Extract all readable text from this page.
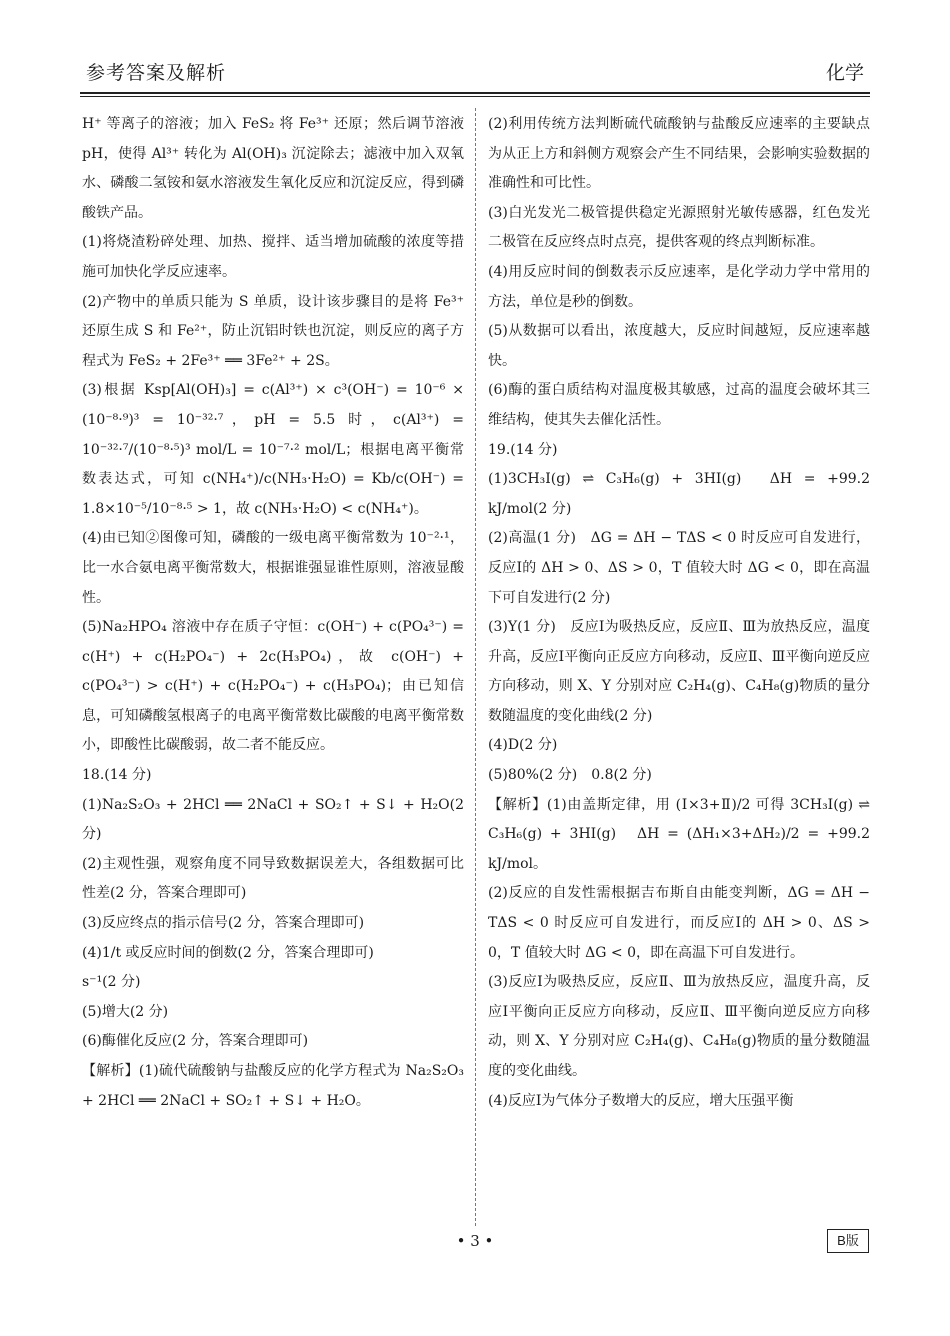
参考答案及解析	化学

H⁺ 等离子的溶液；加入 FeS₂ 将 Fe³⁺ 还原；然后调节溶液 pH，使得 Al³⁺ 转化为 Al(OH)₃ 沉淀除去；滤液中加入双氧水、磷酸二氢铵和氨水溶液发生氧化反应和沉淀反应，得到磷酸铁产品。

(1)将烧渣粉碎处理、加热、搅拌、适当增加硫酸的浓度等措施可加快化学反应速率。

(2)产物中的单质只能为 S 单质，设计该步骤目的是将 Fe³⁺ 还原生成 S 和 Fe²⁺，防止沉铝时铁也沉淀，则反应的离子方程式为 FeS₂ + 2Fe³⁺ ══ 3Fe²⁺ + 2S。

(3)根据 Ksp[Al(OH)₃] = c(Al³⁺) × c³(OH⁻) = 10⁻⁶ × (10⁻⁸·⁹)³ = 10⁻³²·⁷，pH = 5.5 时，c(Al³⁺) = 10⁻³²·⁷/(10⁻⁸·⁵)³ mol/L = 10⁻⁷·² mol/L；根据电离平衡常数表达式，可知 c(NH₄⁺)/c(NH₃·H₂O) = Kb/c(OH⁻) = 1.8×10⁻⁵/10⁻⁸·⁵ > 1，故 c(NH₃·H₂O) < c(NH₄⁺)。

(4)由已知②图像可知，磷酸的一级电离平衡常数为 10⁻²·¹，比一水合氨电离平衡常数大，根据谁强显谁性原则，溶液显酸性。

(5)Na₂HPO₄ 溶液中存在质子守恒：c(OH⁻) + c(PO₄³⁻) = c(H⁺) + c(H₂PO₄⁻) + 2c(H₃PO₄)，故 c(OH⁻) + c(PO₄³⁻) > c(H⁺) + c(H₂PO₄⁻) + c(H₃PO₄)；由已知信息，可知磷酸氢根离子的电离平衡常数比碳酸的电离平衡常数小，即酸性比碳酸弱，故二者不能反应。

18.(14 分)

(1)Na₂S₂O₃ + 2HCl ══ 2NaCl + SO₂↑ + S↓ + H₂O(2 分)

(2)主观性强，观察角度不同导致数据误差大，各组数据可比性差(2 分，答案合理即可)

(3)反应终点的指示信号(2 分，答案合理即可)

(4)1/t 或反应时间的倒数(2 分，答案合理即可)

s⁻¹(2 分)

(5)增大(2 分)

(6)酶催化反应(2 分，答案合理即可)

【解析】(1)硫代硫酸钠与盐酸反应的化学方程式为 Na₂S₂O₃ + 2HCl ══ 2NaCl + SO₂↑ + S↓ + H₂O。

(2)利用传统方法判断硫代硫酸钠与盐酸反应速率的主要缺点为从正上方和斜侧方观察会产生不同结果，会影响实验数据的准确性和可比性。

(3)白光发光二极管提供稳定光源照射光敏传感器，红色发光二极管在反应终点时点亮，提供客观的终点判断标准。

(4)用反应时间的倒数表示反应速率，是化学动力学中常用的方法，单位是秒的倒数。

(5)从数据可以看出，浓度越大，反应时间越短，反应速率越快。

(6)酶的蛋白质结构对温度极其敏感，过高的温度会破坏其三维结构，使其失去催化活性。

19.(14 分)

(1)3CH₃I(g) ⇌ C₃H₆(g) + 3HI(g)　ΔH = +99.2 kJ/mol(2 分)

(2)高温(1 分)　ΔG = ΔH − TΔS < 0 时反应可自发进行，反应Ⅰ的 ΔH > 0、ΔS > 0，T 值较大时 ΔG < 0，即在高温下可自发进行(2 分)

(3)Y(1 分)　反应Ⅰ为吸热反应，反应Ⅱ、Ⅲ为放热反应，温度升高，反应Ⅰ平衡向正反应方向移动，反应Ⅱ、Ⅲ平衡向逆反应方向移动，则 X、Y 分别对应 C₂H₄(g)、C₄H₈(g)物质的量分数随温度的变化曲线(2 分)

(4)D(2 分)

(5)80%(2 分)　0.8(2 分)

【解析】(1)由盖斯定律，用 (Ⅰ×3+Ⅱ)/2 可得 3CH₃I(g) ⇌ C₃H₆(g) + 3HI(g)　ΔH = (ΔH₁×3+ΔH₂)/2 = +99.2 kJ/mol。

(2)反应的自发性需根据吉布斯自由能变判断，ΔG = ΔH − TΔS < 0 时反应可自发进行，而反应Ⅰ的 ΔH > 0、ΔS > 0，T 值较大时 ΔG < 0，即在高温下可自发进行。

(3)反应Ⅰ为吸热反应，反应Ⅱ、Ⅲ为放热反应，温度升高，反应Ⅰ平衡向正反应方向移动，反应Ⅱ、Ⅲ平衡向逆反应方向移动，则 X、Y 分别对应 C₂H₄(g)、C₄H₈(g)物质的量分数随温度的变化曲线。

(4)反应Ⅰ为气体分子数增大的反应，增大压强平衡

• 3 •	B版
